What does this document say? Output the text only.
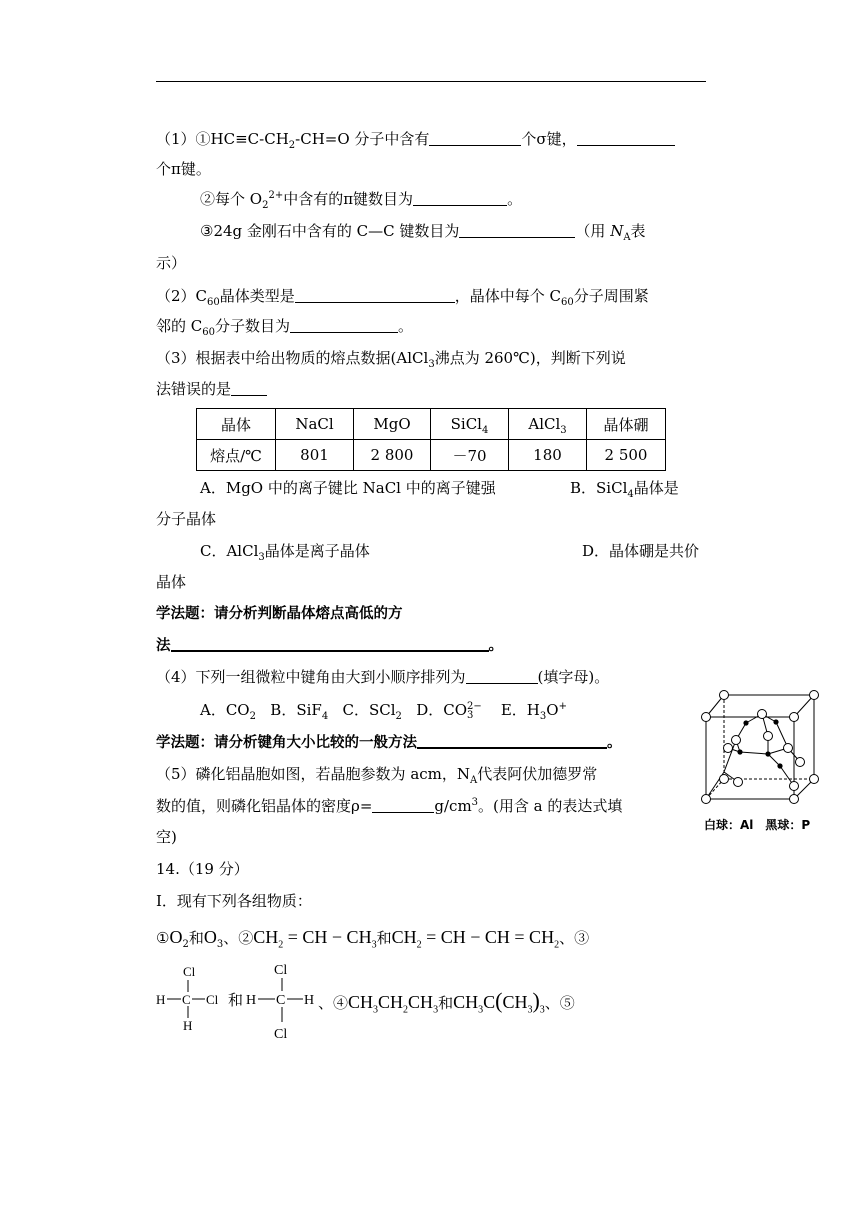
$(1)①HC\equiv C-CH_2-CH=O$ 分子中含有	个σ键，
个π键。
②每个 $O_2^{2+}$中含有的π键数目为	。
③24g 金刚石中含有的 C—C 键数目为	（用 $N_A$表
示）
$(2)C_{60}$晶体类型是	，晶体中每个 $C_{60}$分子周围紧
邻的 $C_{60}$分子数目为	。
（3）根据表中给出物质的熔点数据(AlCl$_3$沸点为 260℃)，判断下列说
法错误的是
晶体	NaCl	MgO	SiCl$_4$	AlCl$_3$	晶体硼
熔点/℃	801	2 800	－70	180	2 500
A．MgO 中的离子键比 NaCl 中的离子键强	B．SiCl$_4$晶体是
分子晶体
C．AlCl$_3$晶体是离子晶体	D．晶体硼是共价
晶体
学法题：请分析判断晶体熔点高低的方
法	。
（4）下列一组微粒中键角由大到小顺序排列为	(填字母)。
A．$CO_2$ B．SiF$_4$ C．SCl$_2$ D．CO2−
3 E．$H_3O^+$
学法题：请分析键角大小比较的一般方法	。
（5）磷化铝晶胞如图，若晶胞参数为 acm，$N_A$代表阿伏加德罗常
数的值，则磷化铝晶体的密度ρ=	$g/cm^3$。(用含 a 的表达式填
空)
白球：Al　黑球：P
14.（19 分）
Ⅰ．现有下列各组物质：
$①O_2$和$O_3$、$②CH_2$ = CH − $CH_3$和$CH_2$ = CH − CH = $CH_2$、③
Cl
H C Cl
H
和
Cl
H C H
Cl
、$④CH_3CH_2CH_3$和$CH_3C(CH_3)_3$、⑤
